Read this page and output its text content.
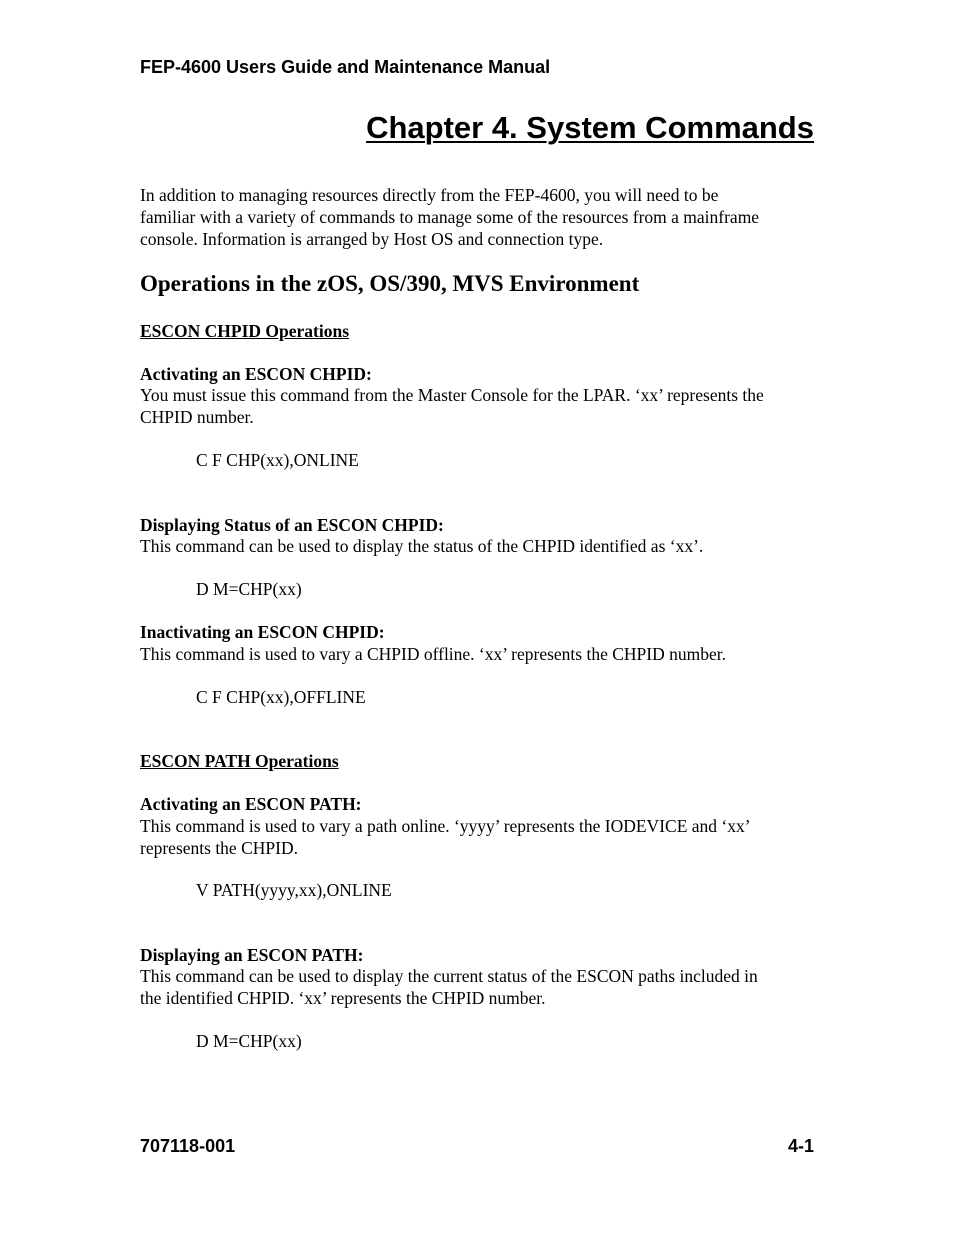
FEP-4600 Users Guide and Maintenance Manual
Chapter 4. System Commands
In addition to managing resources directly from the FEP-4600, you will need to be
familiar with a variety of commands to manage some of the resources from a mainframe
console. Information is arranged by Host OS and connection type.
Operations in the zOS, OS/390, MVS Environment
ESCON CHPID Operations
Activating an ESCON CHPID:
You must issue this command from the Master Console for the LPAR. ‘xx’ represents the
CHPID number.
C F CHP(xx),ONLINE
Displaying Status of an ESCON CHPID:
This command can be used to display the status of the CHPID identified as ‘xx’.
D M=CHP(xx)
Inactivating an ESCON CHPID:
This command is used to vary a CHPID offline. ‘xx’ represents the CHPID number.
C F CHP(xx),OFFLINE
ESCON PATH Operations
Activating an ESCON PATH:
This command is used to vary a path online. ‘yyyy’ represents the IODEVICE and ‘xx’
represents the CHPID.
V PATH(yyyy,xx),ONLINE
Displaying an ESCON PATH:
This command can be used to display the current status of the ESCON paths included in
the identified CHPID. ‘xx’ represents the CHPID number.
D M=CHP(xx)
707118-001	4-1
